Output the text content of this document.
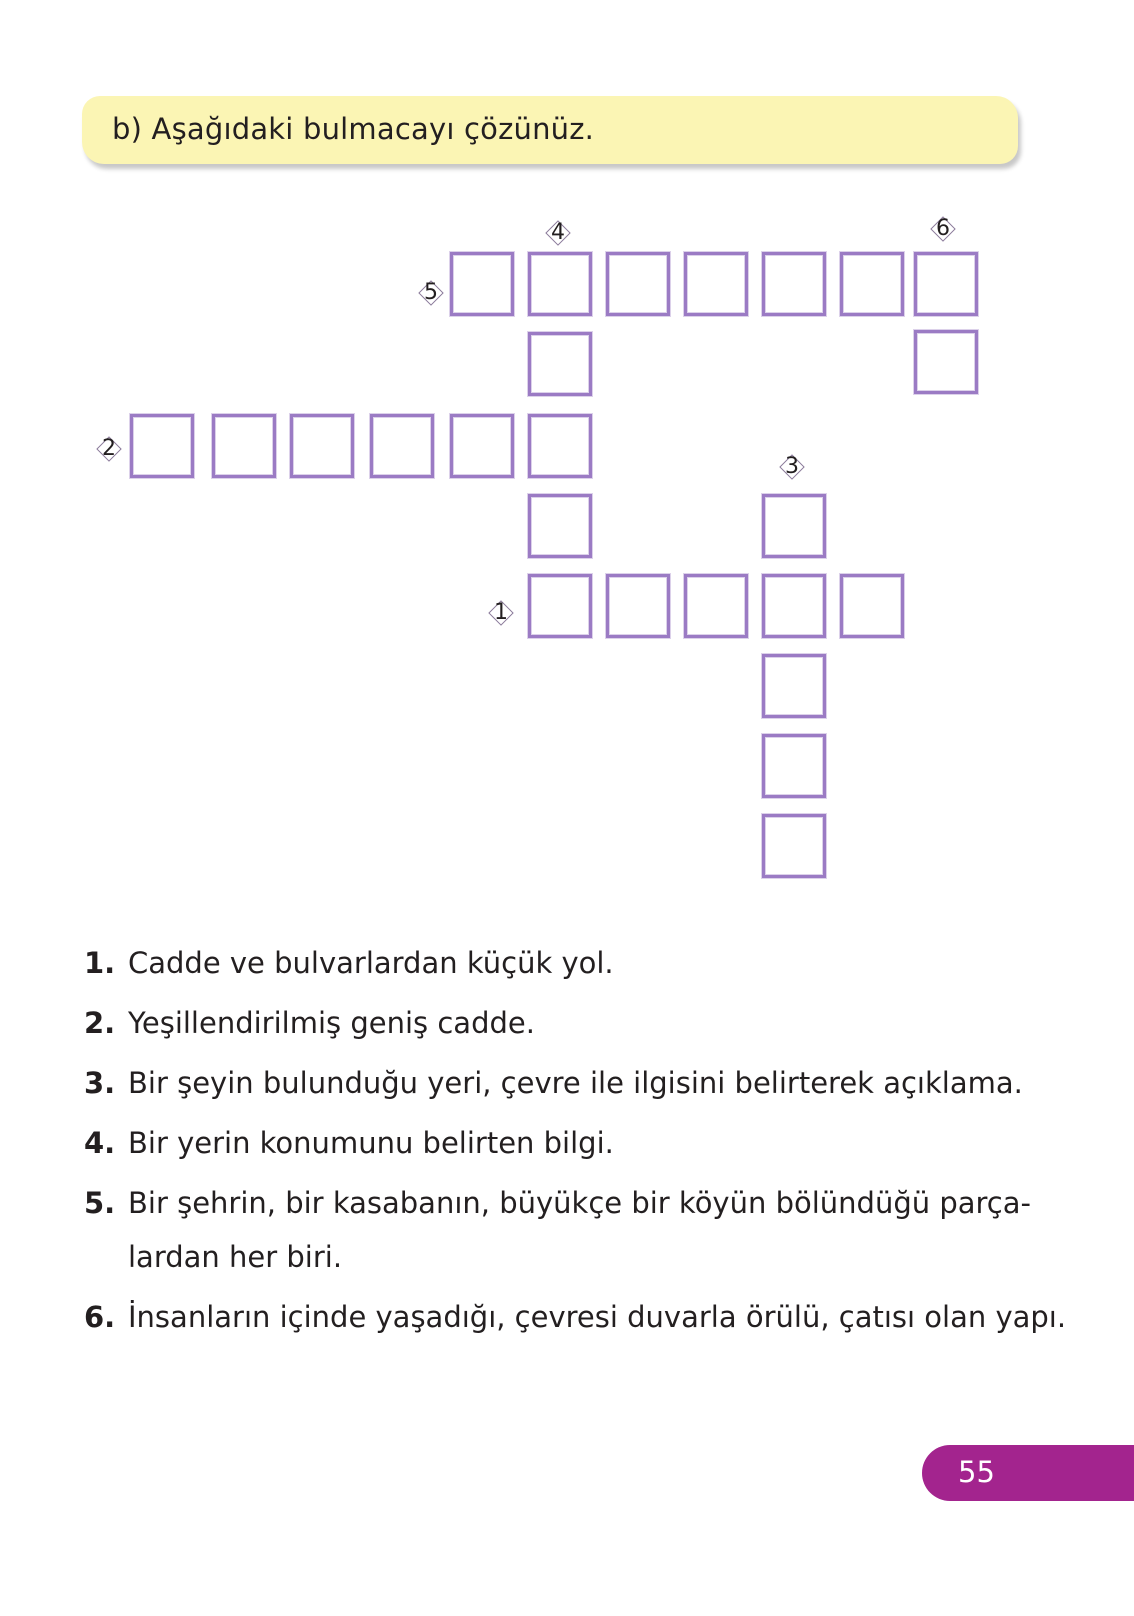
b) Aşağıdaki bulmacayı çözünüz.
4	6
5
2
3
1
1. Cadde ve bulvarlardan küçük yol.
2. Yeşillendirilmiş geniş cadde.
3. Bir şeyin bulunduğu yeri, çevre ile ilgisini belirterek açıklama.
4. Bir yerin konumunu belirten bilgi.
5. Bir şehrin, bir kasabanın, büyükçe bir köyün bölündüğü parça-
lardan her biri.
6. İnsanların içinde yaşadığı, çevresi duvarla örülü, çatısı olan yapı.
55
